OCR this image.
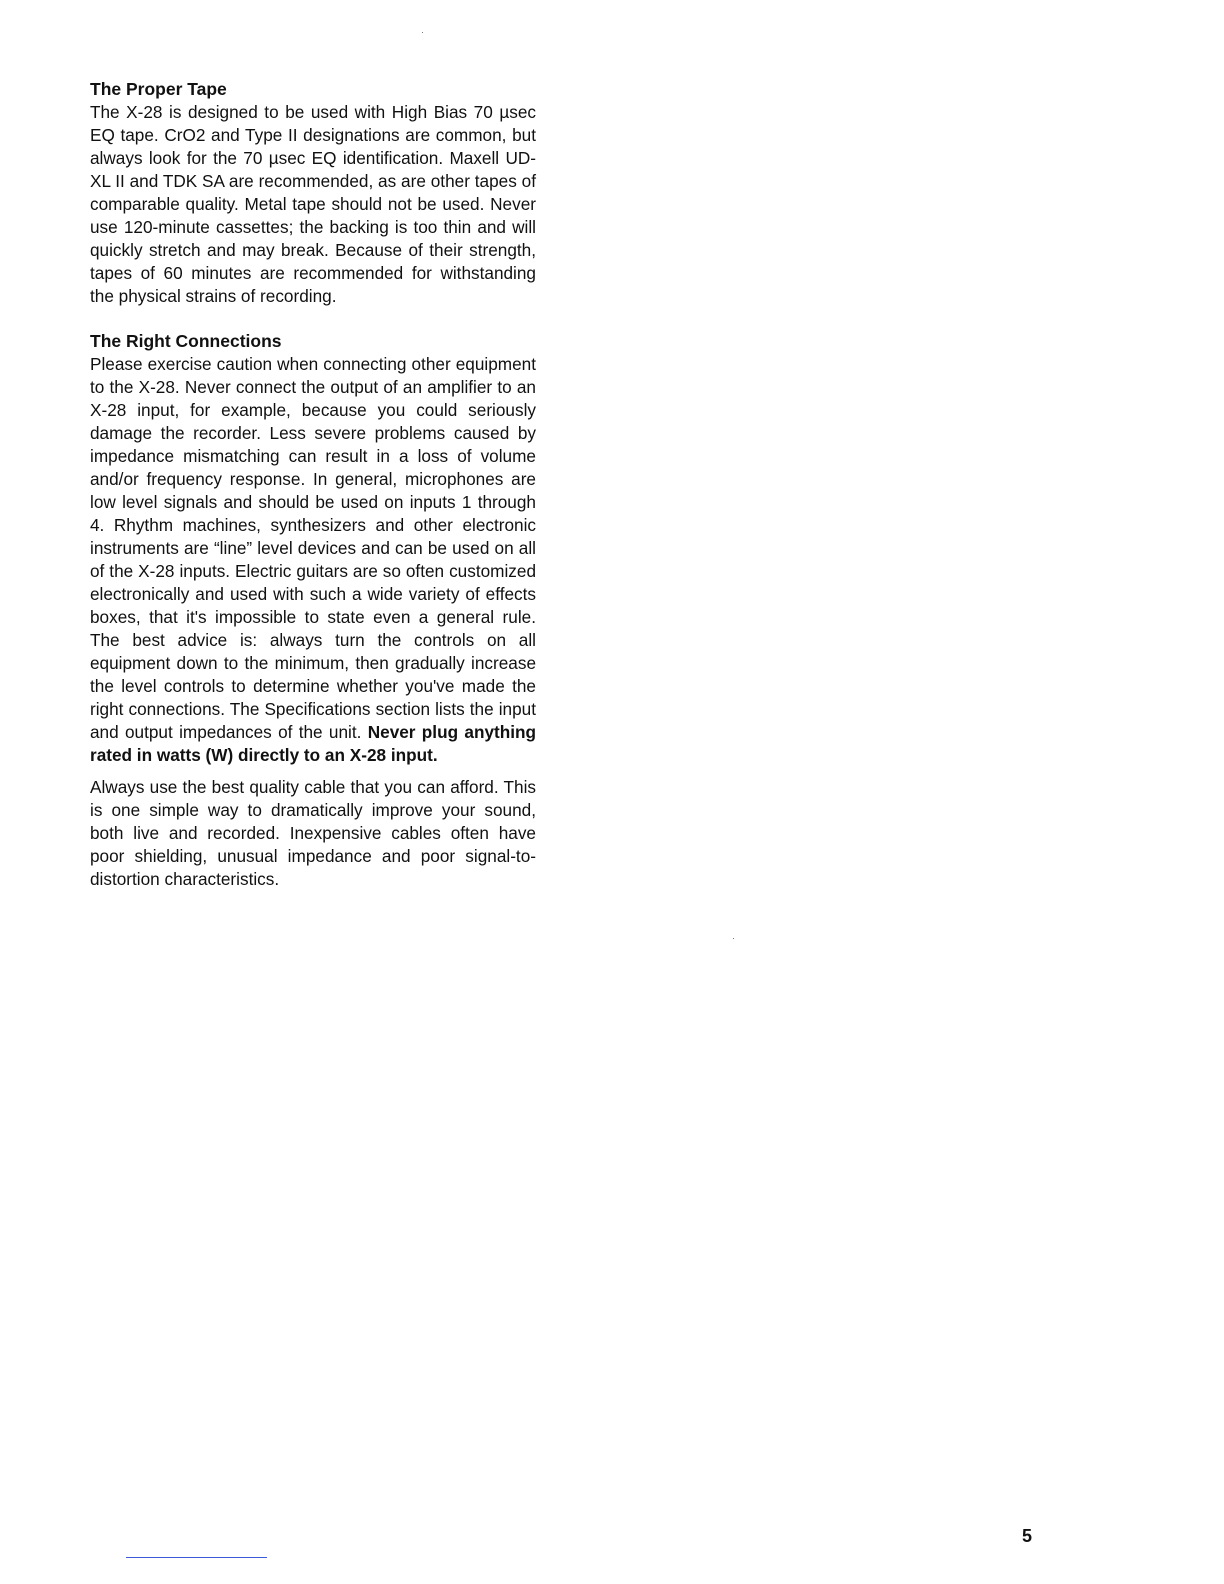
The Proper Tape

The X-28 is designed to be used with High Bias 70 µsec EQ tape. CrO2 and Type II designations are common, but always look for the 70 µsec EQ identification. Maxell UD-XL II and TDK SA are recommended, as are other tapes of comparable quality. Metal tape should not be used. Never use 120-minute cassettes; the backing is too thin and will quickly stretch and may break. Because of their strength, tapes of 60 minutes are recommended for withstanding the physical strains of recording.

The Right Connections

Please exercise caution when connecting other equipment to the X-28. Never connect the output of an amplifier to an X-28 input, for example, because you could seriously damage the recorder. Less severe problems caused by impedance mismatching can result in a loss of volume and/or frequency response. In general, microphones are low level signals and should be used on inputs 1 through 4. Rhythm machines, synthesizers and other electronic instruments are “line” level devices and can be used on all of the X-28 inputs. Electric guitars are so often customized electronically and used with such a wide variety of effects boxes, that it's impossible to state even a general rule. The best advice is: always turn the controls on all equipment down to the minimum, then gradually increase the level controls to determine whether you've made the right connections. The Specifications section lists the input and output impedances of the unit. Never plug anything rated in watts (W) directly to an X-28 input.

Always use the best quality cable that you can afford. This is one simple way to dramatically improve your sound, both live and recorded. Inexpensive cables often have poor shielding, unusual impedance and poor signal-to-distortion characteristics.

5
